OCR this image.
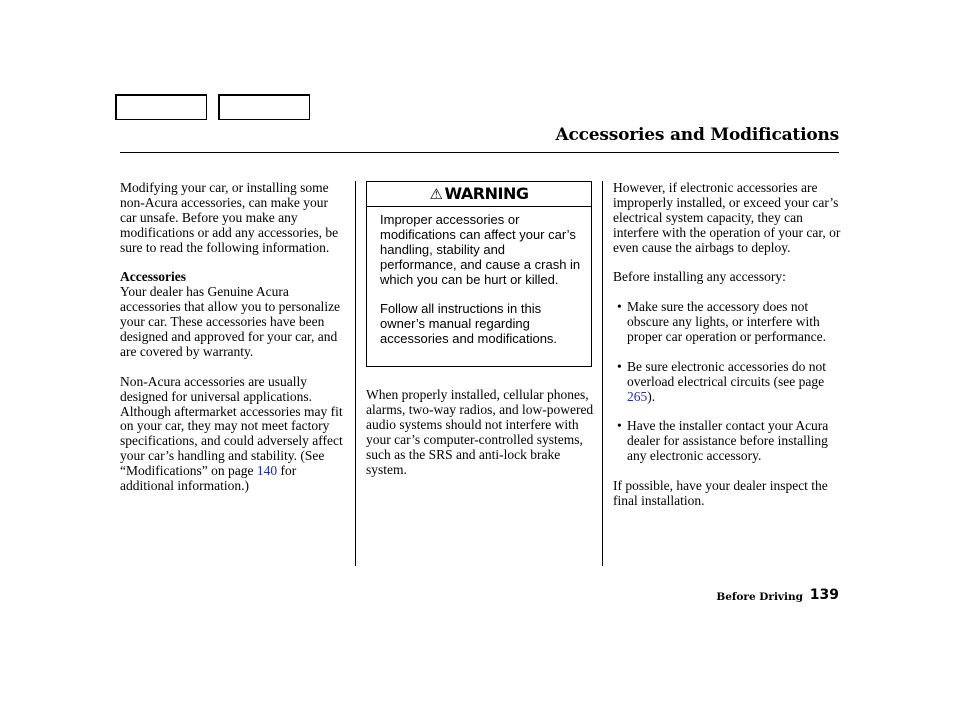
Accessories and Modifications

Modifying your car, or installing some non-Acura accessories, can make your car unsafe. Before you make any modifications or add any accessories, be sure to read the following information.

Accessories

Your dealer has Genuine Acura accessories that allow you to personalize your car. These accessories have been designed and approved for your car, and are covered by warranty.

Non-Acura accessories are usually designed for universal applications. Although aftermarket accessories may fit on your car, they may not meet factory specifications, and could adversely affect your car’s handling and stability. (See “Modifications” on page 140 for additional information.)

⚠ WARNING

Improper accessories or modifications can affect your car’s handling, stability and performance, and cause a crash in which you can be hurt or killed.

Follow all instructions in this owner’s manual regarding accessories and modifications.

When properly installed, cellular phones, alarms, two-way radios, and low-powered audio systems should not interfere with your car’s computer-controlled systems, such as the SRS and anti-lock brake system.

However, if electronic accessories are improperly installed, or exceed your car’s electrical system capacity, they can interfere with the operation of your car, or even cause the airbags to deploy.

Before installing any accessory:

• Make sure the accessory does not obscure any lights, or interfere with proper car operation or performance.
• Be sure electronic accessories do not overload electrical circuits (see page 265).
• Have the installer contact your Acura dealer for assistance before installing any electronic accessory.

If possible, have your dealer inspect the final installation.

Before Driving 139
